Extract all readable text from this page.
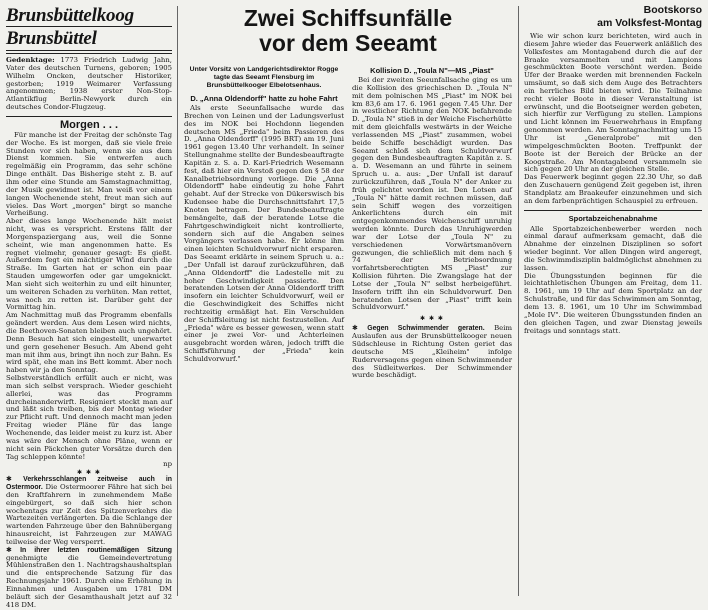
Brunsbüttelkoog
Brunsbüttel

Gedenktage: 1773 Friedrich Ludwig Jahn, Vater des deutschen Turnens, geboren; 1905 Wilhelm Oncken, deutscher Historiker, gestorben; 1919 Weimarer Verfassung angenommen; 1938 erster Non-Stop-Atlantikflug Berlin-Newyork durch ein deutsches Condor-Flugzeug.

Morgen . . .

Für manche ist der Freitag der schönste Tag der Woche. Es ist morgen, daß sie viele freie Stunden vor sich haben, wenn sie aus dem Dienst kommen. Sie entwerfen auch regelmäßig ein Programm, das sehr schöne Dinge enthält. Das Bisherige steht z. B. auf ihm oder eine Stunde am Samstagnachmittag, der Musik gewidmet ist. Man weiß vor einem langen Wochenende steht, freut man sich auf vieles. Das Wort „morgen" birgt so manche Verheißung.
Aber dieses lange Wochenende hält meist nicht, was es verspricht. Erstens fällt der Morgenspaziergang aus, weil die Sonne scheint, wie man angenommen hatte. Es regnet vielmehr, genauer gesagt: Es gießt. Außerdem fegt ein mächtiger Wind durch die Straße. Im Garten hat er schon ein paar Stauden umgeworfen oder gar umgeknickt. Man sieht sich weiterhin zu und eilt hinunter, um weiteren Schaden zu verhüten. Man rettet, was noch zu retten ist. Darüber geht der Vormittag hin.
Am Nachmittag muß das Programm ebenfalls geändert werden. Aus dem Lesen wird nichts, die Beethoven-Sonaten bleiben auch ungehört. Denn Besuch hat sich eingestellt, unerwartet und gern gesehener Besuch. Am Abend geht man mit ihm aus, bringt ihn noch zur Bahn. Es wird spät, ehe man ins Bett kommt. Aber noch haben wir ja den Sonntag.
Selbstverständlich erfüllt auch er nicht, was man sich selbst versprach. Wieder geschieht allerlei, was das Programm durcheinanderwirft. Resigniert steckt man auf und läßt sich treiben, bis der Montag wieder zur Pflicht ruft. Und dennoch macht man jeden Freitag wieder Pläne für das lange Wochenende, das leider meist zu kurz ist. Aber was wäre der Mensch ohne Pläne, wenn er nicht sein Päckchen guter Vorsätze durch den Tag schleppen könnte!

np

✱ ✱ ✱

✱ Verkehrsschlangen zeitweise auch in Ostermoor. Die Ostermoorer Fähre hat sich bei den Kraftfahrern in zunehmendem Maße eingebürgert, so daß sich hier schon wochentags zur Zeit des Spitzenverkehrs die Wartezeiten verlängerten. Da die Schlange der wartenden Fahrzeuge über den Bahnübergang hinausreicht, ist Fahrzeugen zur MAWAG teilweise der Weg versperrt.

✱ In ihrer letzten routinemäßigen Sitzung genehmigte die Gemeindevertretung Mühlenstraßen den 1. Nachtragshaushaltsplan und die entsprechende Satzung für das Rechnungsjahr 1961. Durch eine Erhöhung in Einnahmen und Ausgaben um 1781 DM beläuft sich der Gesamthaushalt jetzt auf 32 418 DM.

Zwei Schiffsunfälle

vor dem Seeamt

Unter Vorsitz von Landgerichtsdirektor Rogge tagte das Seeamt Flensburg im Brunsbüttelkooger Elbelotsenhaus.

D. „Anna Oldendorff" hatte zu hohe Fahrt

Als erste Seeunfallsache wurde das Brechen von Leinen und der Ladungsverlust des im NOK bei Hochdonn liegenden deutschen MS „Frieda" beim Passieren des D. „Anna Oldendorff" (1995 BRT) am 19. Juni 1961 gegen 13.40 Uhr verhandelt. In seiner Stellungnahme stellte der Bundesbeauftragte Kapitän z. S. a. D. Karl-Friedrich Wesemann fest, daß hier ein Verstoß gegen den § 58 der Kanalbetriebsordnung vorliege. Die „Anna Oldendorff" habe eindeutig zu hohe Fahrt gehabt. Auf der Strecke von Dükerswisch bis Kudensee habe die Durchschnittsfahrt 17,5 Knoten betragen. Der Bundesbeauftragte bemängelte, daß der beratende Lotse die Fahrtgeschwindigkeit nicht kontrollierte, sondern sich auf die Angaben seines Vorgängers verlassen habe. Er könne ihm einen leichten Schuldvorwurf nicht ersparen. Das Seeamt erklärte in seinem Spruch u. a.: „Der Unfall ist darauf zurückzuführen, daß „Anna Oldendorff" die Ladestelle mit zu hoher Geschwindigkeit passierte. Den beratenden Lotsen der Anna Oldendorff trifft insofern ein leichter Schuldvorwurf, weil er die Geschwindigkeit des Schiffes nicht rechtzeitig ermäßigt hat. Ein Verschulden der Schiffsleitung ist nicht festzustellen. Auf „Frieda" wäre es besser gewesen, wenn statt einer je zwei Vor- und Achterleinen ausgebracht worden wären, jedoch trifft die Schiffsführung der „Frieda" kein Schuldvorwurf."

Kollision D. „Toula N"—MS „Piast"

Bei der zweiten Seeunfallsache ging es um die Kollision des griechischen D. „Toula N" mit dem polnischen MS „Piast" im NOK bei km 83,6 am 17. 6. 1961 gegen 7.45 Uhr. Der in westlicher Richtung den NOK befahrende D. „Toula N" stieß in der Weiche Fischerhütte mit dem gleichfalls westwärts in der Weiche verlassenden MS „Piast" zusammen, wobei beide Schiffe beschädigt wurden. Das Seeamt schloß sich dem Schuldvorwurf gegen den Bundesbeauftragten Kapitän z. S. a. D. Wesemann an und führte in seinem Spruch u. a. aus: „Der Unfall ist darauf zurückzuführen, daß „Toula N" der Anker zu früh gelichtet worden ist. Den Lotsen auf „Toula N" hätte damit rechnen müssen, daß sein Schiff wegen des vorzeitigen Ankerlichtens durch ein mit entgegenkommendes Weichenschiff unruhig werden könnte. Durch das Unruhigwerden war der Lotse der „Toula N" zu verschiedenen Vorwärtsmanövern gezwungen, die schließlich mit dem nach § 74 der Betriebsordnung vorfahrtsberechtigten MS „Piast" zur Kollision führten. Die Zwangslage hat der Lotse der „Toula N" selbst herbeigeführt. Insofern trifft ihn ein Schuldvorwurf. Den beratenden Lotsen der „Piast" trifft kein Schuldvorwurf."

✱ ✱ ✱

✱ Gegen Schwimmender geraten. Beim Auslaufen aus der Brunsbüttelkooger neuen Südschleuse in Richtung Osten geriet das deutsche MS „Kleiheim" infolge Ruderversagens gegen einen Schwimmender des Südleitwerkes. Der Schwimmender wurde beschädigt.

Bootskorso

am Volksfest-Montag

Wie wir schon kurz berichteten, wird auch in diesem Jahre wieder das Feuerwerk anläßlich des Volksfestes am Montagabend durch die auf der Braake versammelten und mit Lampions geschmückten Boote verschönt werden. Beide Ufer der Braake werden mit brennenden Fackeln umsäumt, so daß sich dem Auge des Betrachters ein herrliches Bild bieten wird. Die Teilnahme recht vieler Boote in dieser Veranstaltung ist erwünscht, und die Bootseigner werden gebeten, sich hierfür zur Verfügung zu stellen. Lampions und Licht können im Feuerwehrhaus in Empfang genommen werden. Am Sonntagnachmittag um 15 Uhr ist „Generalprobe" mit den wimpelgeschmückten Booten. Treffpunkt der Boote ist der Bereich der Brücke an der Koogstraße. Am Montagabend versammeln sie sich gegen 20 Uhr an der gleichen Stelle.
Das Feuerwerk beginnt gegen 22.30 Uhr, so daß den Zuschauern genügend Zeit gegeben ist, ihren Standplatz am Braakeufer einzunehmen und sich an dem farbenprächtigen Schauspiel zu erfreuen.

Sportabzeichenabnahme

Alle Sportabzeichenbewerber werden noch einmal darauf aufmerksam gemacht, daß die Abnahme der einzelnen Disziplinen so sofort wieder beginnt. Vor allen Dingen wird angeregt, die Schwimmdisziplin baldmöglichst abnehmen zu lassen.
Die Übungsstunden beginnen für die leichtathletischen Übungen am Freitag, dem 11. 8. 1961, um 19 Uhr auf dem Sportplatz an der Schulstraße, und für das Schwimmen am Sonntag, dem 13. 8. 1961, um 10 Uhr im Schwimmbad „Mole IV". Die weiteren Übungsstunden finden an den gleichen Tagen, und zwar Dienstag jeweils freitags und sonntags statt.
